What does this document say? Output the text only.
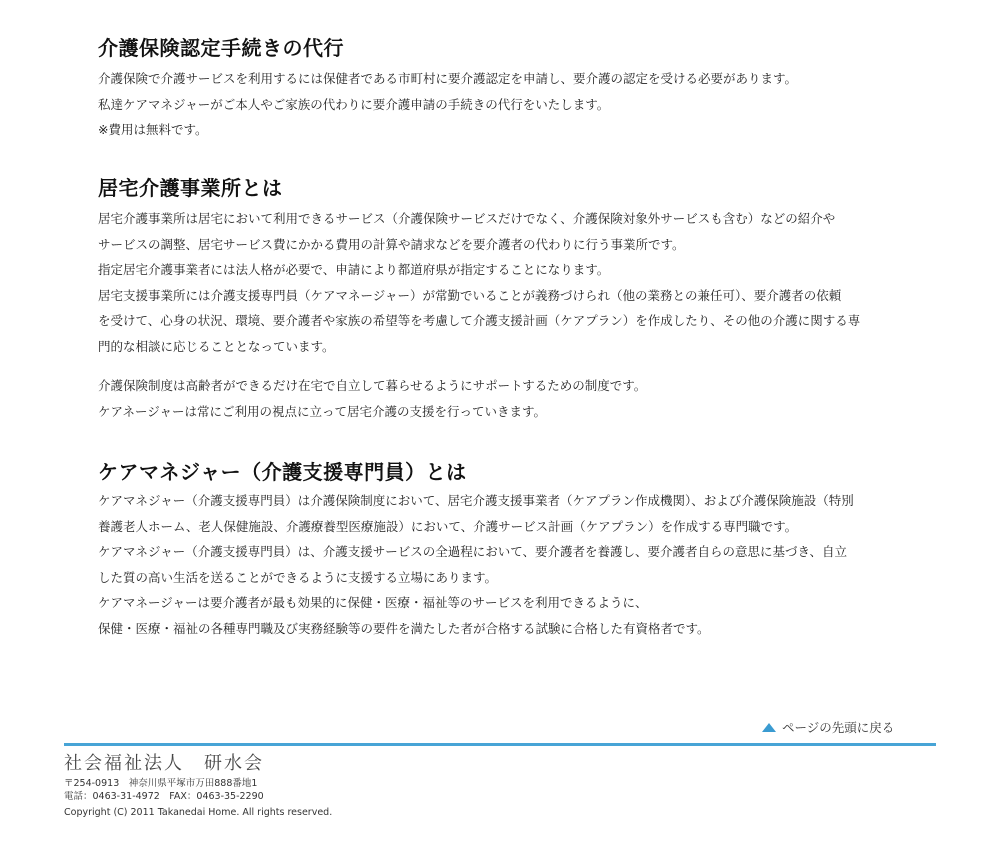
介護保険認定手続きの代行

介護保険で介護サービスを利用するには保健者である市町村に要介護認定を申請し、要介護の認定を受ける必要があります。

私達ケアマネジャーがご本人やご家族の代わりに要介護申請の手続きの代行をいたします。

※費用は無料です。

居宅介護事業所とは

居宅介護事業所は居宅において利用できるサービス（介護保険サービスだけでなく、介護保険対象外サービスも含む）などの紹介や

サービスの調整、居宅サービス費にかかる費用の計算や請求などを要介護者の代わりに行う事業所です。

指定居宅介護事業者には法人格が必要で、申請により都道府県が指定することになります。

居宅支援事業所には介護支援専門員（ケアマネージャー）が常勤でいることが義務づけられ（他の業務との兼任可）、要介護者の依頼

を受けて、心身の状況、環境、要介護者や家族の希望等を考慮して介護支援計画（ケアプラン）を作成したり、その他の介護に関する専

門的な相談に応じることとなっています。

介護保険制度は高齢者ができるだけ在宅で自立して暮らせるようにサポートするための制度です。

ケアネージャーは常にご利用の視点に立って居宅介護の支援を行っていきます。

ケアマネジャー（介護支援専門員）とは

ケアマネジャー（介護支援専門員）は介護保険制度において、居宅介護支援事業者（ケアプラン作成機関）、および介護保険施設（特別

養護老人ホーム、老人保健施設、介護療養型医療施設）において、介護サービス計画（ケアプラン）を作成する専門職です。

ケアマネジャー（介護支援専門員）は、介護支援サービスの全過程において、要介護者を養護し、要介護者自らの意思に基づき、自立

した質の高い生活を送ることができるように支援する立場にあります。

ケアマネージャーは要介護者が最も効果的に保健・医療・福祉等のサービスを利用できるように、

保健・医療・福祉の各種専門職及び実務経験等の要件を満たした者が合格する試験に合格した有資格者です。

ページの先頭に戻る
社会福祉法人　研水会
〒254-0913　神奈川県平塚市万田888番地1
電話：0463-31-4972　FAX：0463-35-2290
Copyright (C) 2011 Takanedai Home. All rights reserved.
